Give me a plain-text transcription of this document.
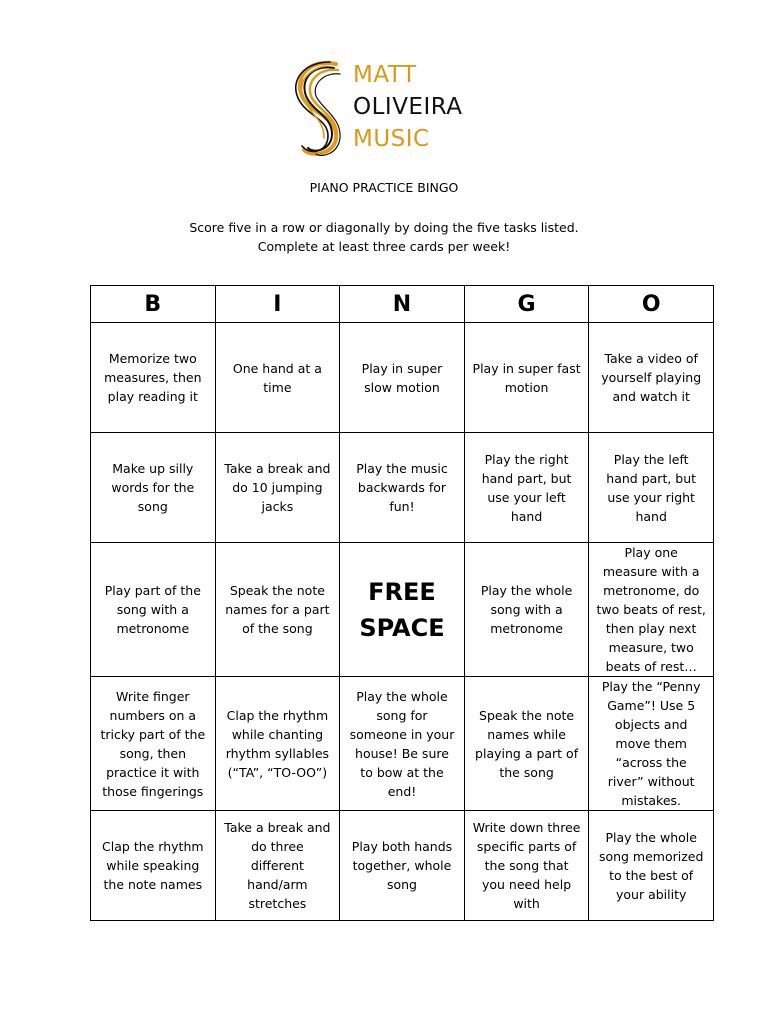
MATT
OLIVEIRA
MUSIC
PIANO PRACTICE BINGO
Score five in a row or diagonally by doing the five tasks listed.
Complete at least three cards per week!
B	I	N	G	O
Memorize two measures, then play reading it	One hand at a time	Play in super slow motion	Play in super fast motion	Take a video of yourself playing and watch it
Make up silly words for the song	Take a break and do 10 jumping jacks	Play the music backwards for fun!	Play the right hand part, but use your left hand	Play the left hand part, but use your right hand
Play part of the song with a metronome	Speak the note names for a part of the song	FREE SPACE	Play the whole song with a metronome	Play one measure with a metronome, do two beats of rest, then play next measure, two beats of rest…
Write finger numbers on a tricky part of the song, then practice it with those fingerings	Clap the rhythm while chanting rhythm syllables (“TA”, “TO-OO”)	Play the whole song for someone in your house! Be sure to bow at the end!	Speak the note names while playing a part of the song	Play the “Penny Game”! Use 5 objects and move them “across the river” without mistakes.
Clap the rhythm while speaking the note names	Take a break and do three different hand/arm stretches	Play both hands together, whole song	Write down three specific parts of the song that you need help with	Play the whole song memorized to the best of your ability
